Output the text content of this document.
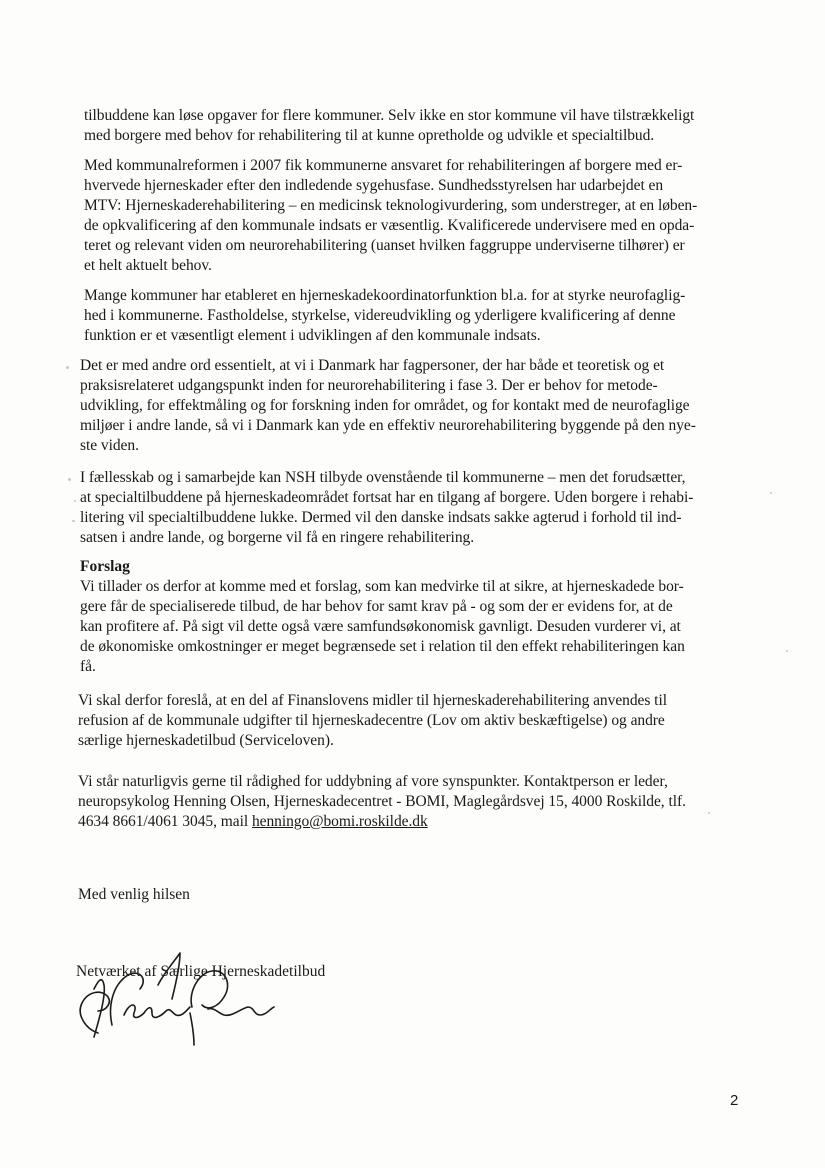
tilbuddene kan løse opgaver for flere kommuner. Selv ikke en stor kommune vil have tilstrækkeligt
med borgere med behov for rehabilitering til at kunne opretholde og udvikle et specialtilbud.
Med kommunalreformen i 2007 fik kommunerne ansvaret for rehabiliteringen af borgere med er-
hvervede hjerneskader efter den indledende sygehusfase. Sundhedsstyrelsen har udarbejdet en
MTV: Hjerneskaderehabilitering – en medicinsk teknologivurdering, som understreger, at en løben-
de opkvalificering af den kommunale indsats er væsentlig. Kvalificerede undervisere med en opda-
teret og relevant viden om neurorehabilitering (uanset hvilken faggruppe underviserne tilhører) er
et helt aktuelt behov.
Mange kommuner har etableret en hjerneskadekoordinatorfunktion bl.a. for at styrke neurofaglig-
hed i kommunerne. Fastholdelse, styrkelse, videreudvikling og yderligere kvalificering af denne
funktion er et væsentligt element i udviklingen af den kommunale indsats.
Det er med andre ord essentielt, at vi i Danmark har fagpersoner, der har både et teoretisk og et
praksisrelateret udgangspunkt inden for neurorehabilitering i fase 3. Der er behov for metode-
udvikling, for effektmåling og for forskning inden for området, og for kontakt med de neurofaglige
miljøer i andre lande, så vi i Danmark kan yde en effektiv neurorehabilitering byggende på den nye-
ste viden.
I fællesskab og i samarbejde kan NSH tilbyde ovenstående til kommunerne – men det forudsætter,
at specialtilbuddene på hjerneskadeområdet fortsat har en tilgang af borgere. Uden borgere i rehabi-
litering vil specialtilbuddene lukke. Dermed vil den danske indsats sakke agterud i forhold til ind-
satsen i andre lande, og borgerne vil få en ringere rehabilitering.
Forslag
Vi tillader os derfor at komme med et forslag, som kan medvirke til at sikre, at hjerneskadede bor-
gere får de specialiserede tilbud, de har behov for samt krav på - og som der er evidens for, at de
kan profitere af. På sigt vil dette også være samfundsøkonomisk gavnligt. Desuden vurderer vi, at
de økonomiske omkostninger er meget begrænsede set i relation til den effekt rehabiliteringen kan
få.
Vi skal derfor foreslå, at en del af Finanslovens midler til hjerneskaderehabilitering anvendes til
refusion af de kommunale udgifter til hjerneskadecentre (Lov om aktiv beskæftigelse) og andre
særlige hjerneskadetilbud (Serviceloven).
Vi står naturligvis gerne til rådighed for uddybning af vore synspunkter. Kontaktperson er leder,
neuropsykolog Henning Olsen, Hjerneskadecentret - BOMI, Maglegårdsvej 15, 4000 Roskilde, tlf.
4634 8661/4061 3045, mail henningo@bomi.roskilde.dk
Med venlig hilsen
Netværket af Særlige Hjerneskadetilbud
2
